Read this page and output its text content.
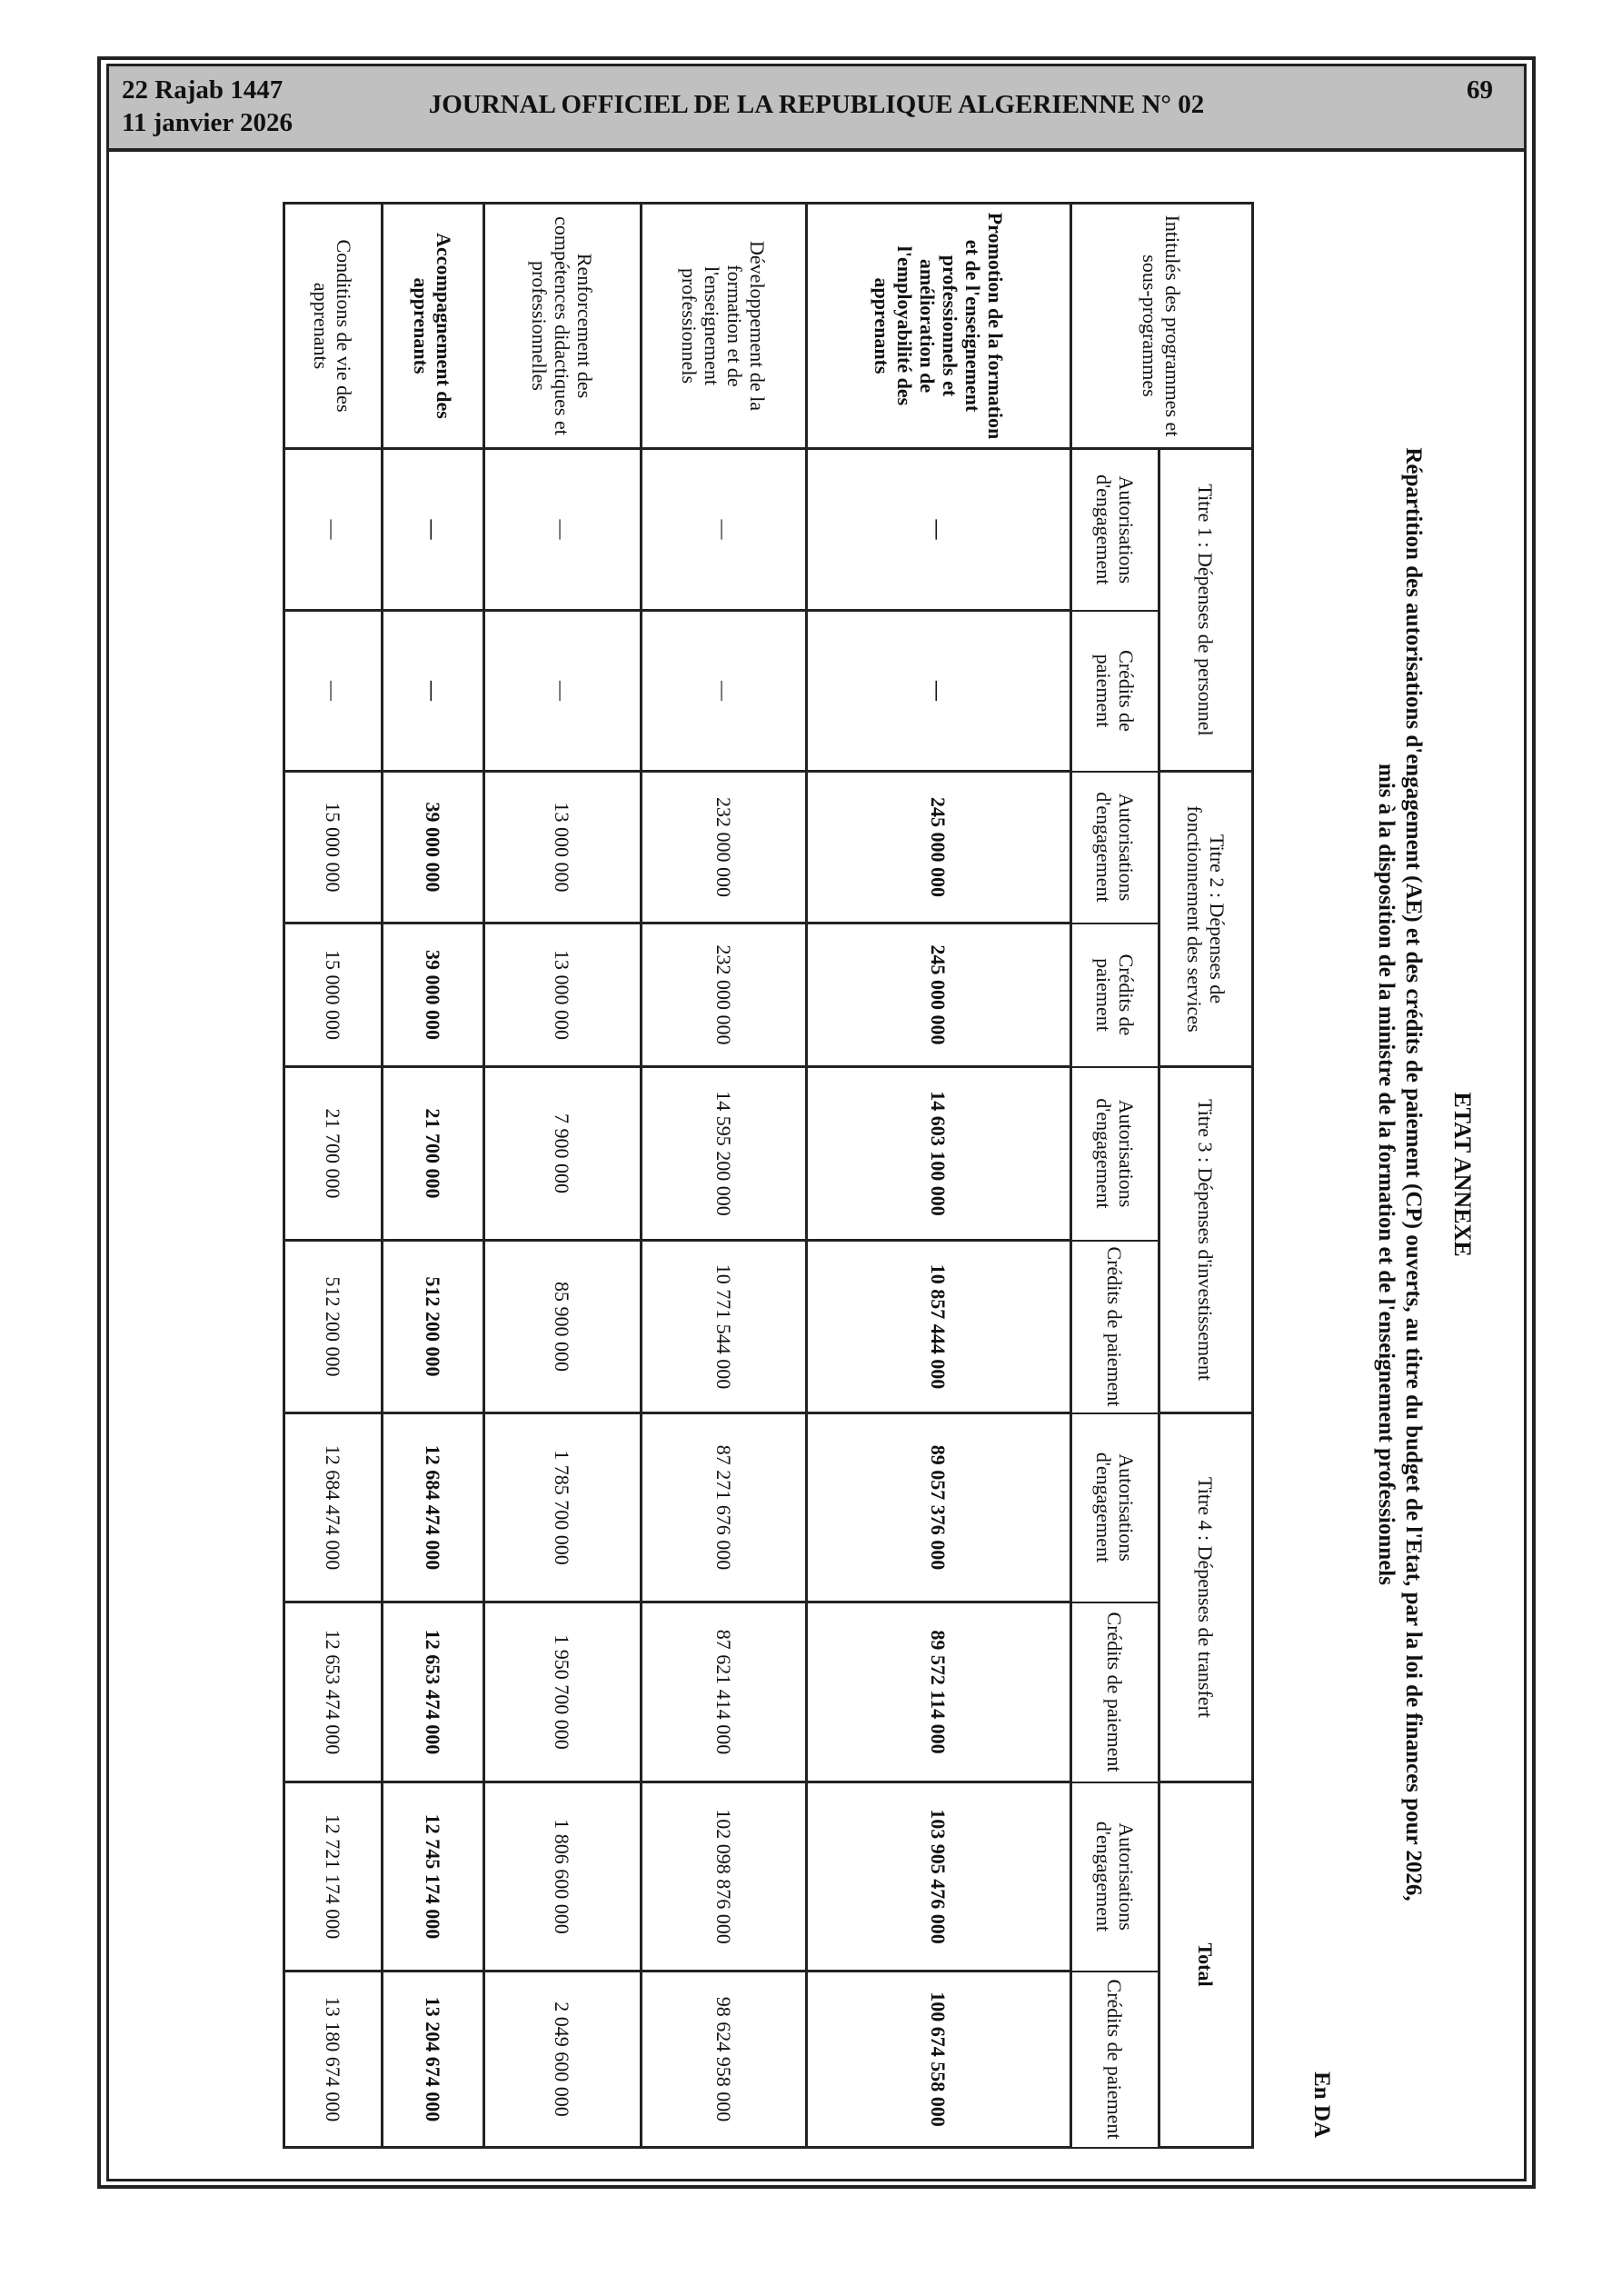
22 Rajab 1447
11 janvier 2026
JOURNAL OFFICIEL DE LA REPUBLIQUE ALGERIENNE N° 02	69
ETAT ANNEXE
Répartition des autorisations d'engagement (AE) et des crédits de paiement (CP) ouverts, au titre du budget de l'Etat, par la loi de finances pour 2026,
mis à la disposition de la ministre de la formation et de l'enseignement professionnels
En DA
Intitulés des programmes et sous-programmes	Titre 1 : Dépenses de personnel		Titre 2 : Dépenses de fonctionnement des services		Titre 3 : Dépenses d'investissement		Titre 4 : Dépenses de transfert		Total	
	Autorisations d'engagement	Crédits de paiement	Autorisations d'engagement	Crédits de paiement	Autorisations d'engagement	Crédits de paiement	Autorisations d'engagement	Crédits de paiement	Autorisations d'engagement	Crédits de paiement
Promotion de la formation et de l'enseignement professionnels et amélioration de l'employabilité des apprenants	—	—	245 000 000	245 000 000	14 603 100 000	10 857 444 000	89 057 376 000	89 572 114 000	103 905 476 000	100 674 558 000
Développement de la formation et de l'enseignement professionnels	—	—	232 000 000	232 000 000	14 595 200 000	10 771 544 000	87 271 676 000	87 621 414 000	102 098 876 000	98 624 958 000
Renforcement des compétences didactiques et professionnelles	—	—	13 000 000	13 000 000	7 900 000	85 900 000	1 785 700 000	1 950 700 000	1 806 600 000	2 049 600 000
Accompagnement des apprenants	—	—	39 000 000	39 000 000	21 700 000	512 200 000	12 684 474 000	12 653 474 000	12 745 174 000	13 204 674 000
Conditions de vie des apprenants	—	—	15 000 000	15 000 000	21 700 000	512 200 000	12 684 474 000	12 653 474 000	12 721 174 000	13 180 674 000
